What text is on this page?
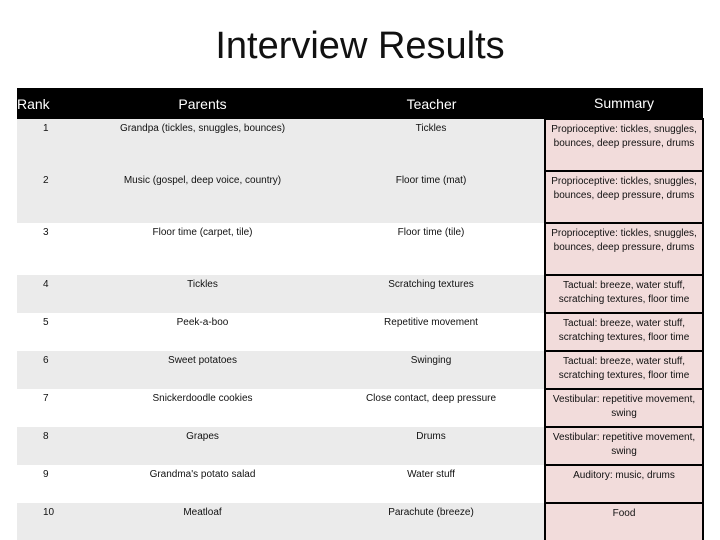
Interview Results
Rank	Parents	Teacher	Summary
1	Grandpa (tickles, snuggles, bounces)	Tickles	Proprioceptive: tickles, snuggles, bounces, deep pressure, drums
2	Music (gospel, deep voice, country)	Floor time (mat)	Proprioceptive: tickles, snuggles, bounces, deep pressure, drums
3	Floor time (carpet, tile)	Floor time (tile)	Proprioceptive: tickles, snuggles, bounces, deep pressure, drums
4	Tickles	Scratching textures	Tactual: breeze, water stuff, scratching textures, floor time
5	Peek-a-boo	Repetitive movement	Tactual: breeze, water stuff, scratching textures, floor time
6	Sweet potatoes	Swinging	Tactual: breeze, water stuff, scratching textures, floor time
7	Snickerdoodle cookies	Close contact, deep pressure	Vestibular: repetitive movement, swing
8	Grapes	Drums	Vestibular: repetitive movement, swing
9	Grandma's potato salad	Water stuff	Auditory: music, drums
10	Meatloaf	Parachute (breeze)	Food
